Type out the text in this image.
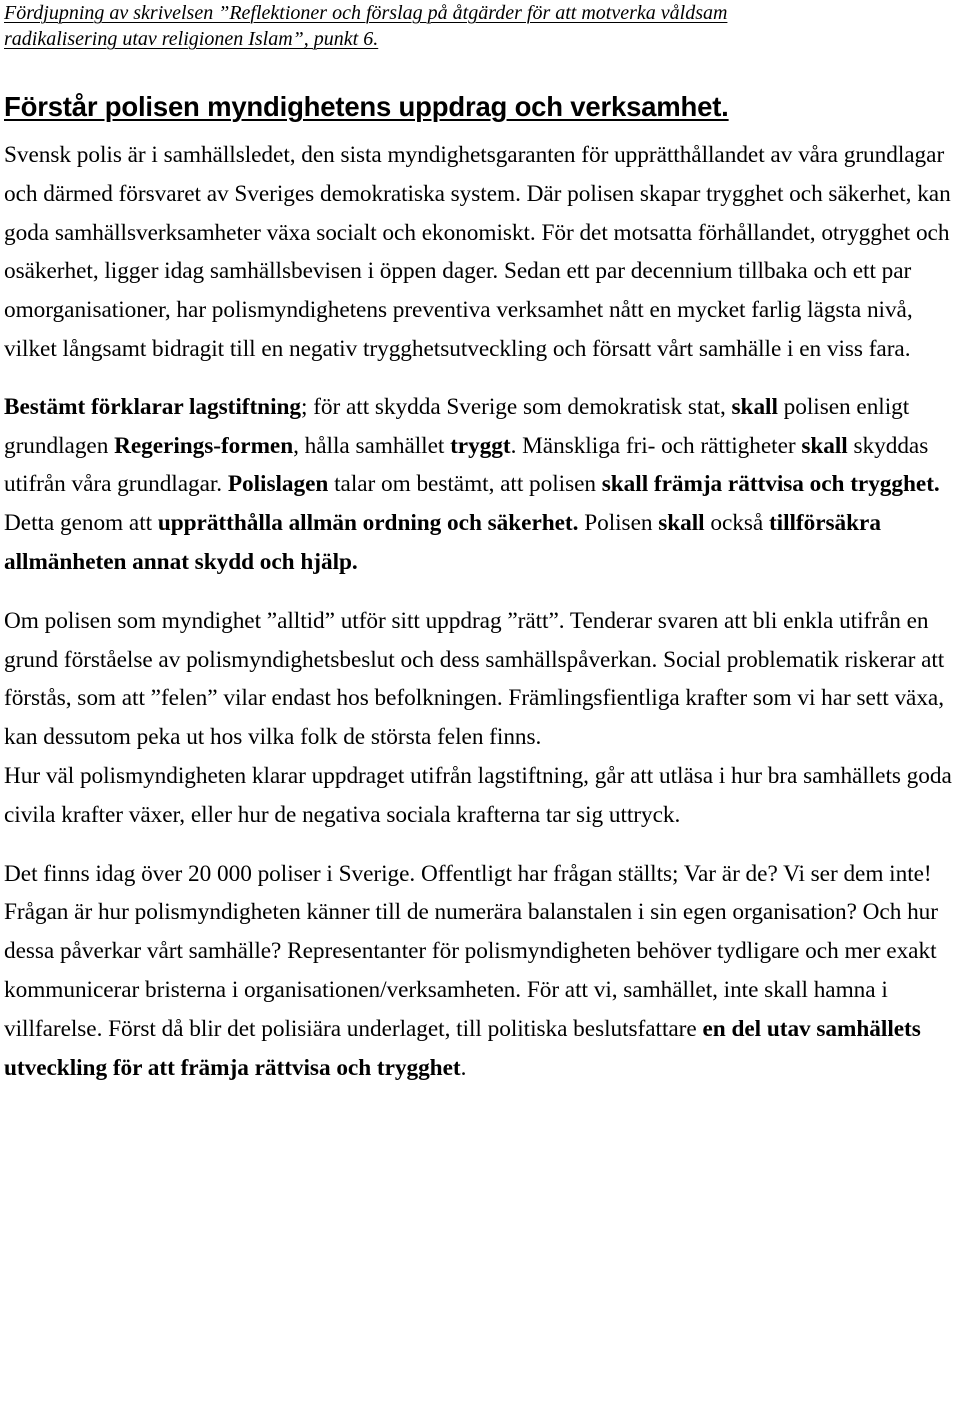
Fördjupning av skrivelsen ”Reflektioner och förslag på åtgärder för att motverka våldsam
radikalisering utav religionen Islam”, punkt 6.

Förstår polisen myndighetens uppdrag och verksamhet.

Svensk polis är i samhällsledet, den sista myndighetsgaranten för upprätthållandet av våra grundlagar och därmed försvaret av Sveriges demokratiska system. Där polisen skapar trygghet och säkerhet, kan goda samhällsverksamheter växa socialt och ekonomiskt. För det motsatta förhållandet, otrygghet och osäkerhet, ligger idag samhällsbevisen i öppen dager. Sedan ett par decennium tillbaka och ett par omorganisationer, har polismyndighetens preventiva verksamhet nått en mycket farlig lägsta nivå, vilket långsamt bidragit till en negativ trygghetsutveckling och försatt vårt samhälle i en viss fara.

Bestämt förklarar lagstiftning; för att skydda Sverige som demokratisk stat, skall polisen enligt grundlagen Regerings-formen, hålla samhället tryggt. Mänskliga fri- och rättigheter skall skyddas utifrån våra grundlagar. Polislagen talar om bestämt, att polisen skall främja rättvisa och trygghet. Detta genom att upprätthålla allmän ordning och säkerhet. Polisen skall också tillförsäkra allmänheten annat skydd och hjälp.

Om polisen som myndighet ”alltid” utför sitt uppdrag ”rätt”. Tenderar svaren att bli enkla utifrån en grund förståelse av polismyndighetsbeslut och dess samhällspåverkan. Social problematik riskerar att förstås, som att ”felen” vilar endast hos befolkningen. Främlingsfientliga krafter som vi har sett växa, kan dessutom peka ut hos vilka folk de största felen finns.

Hur väl polismyndigheten klarar uppdraget utifrån lagstiftning, går att utläsa i hur bra samhällets goda civila krafter växer, eller hur de negativa sociala krafterna tar sig uttryck.

Det finns idag över 20 000 poliser i Sverige. Offentligt har frågan ställts; Var är de? Vi ser dem inte! Frågan är hur polismyndigheten känner till de numerära balanstalen i sin egen organisation? Och hur dessa påverkar vårt samhälle? Representanter för polismyndigheten behöver tydligare och mer exakt kommunicerar bristerna i organisationen/verksamheten. För att vi, samhället, inte skall hamna i villfarelse. Först då blir det polisiära underlaget, till politiska beslutsfattare en del utav samhällets utveckling för att främja rättvisa och trygghet.
